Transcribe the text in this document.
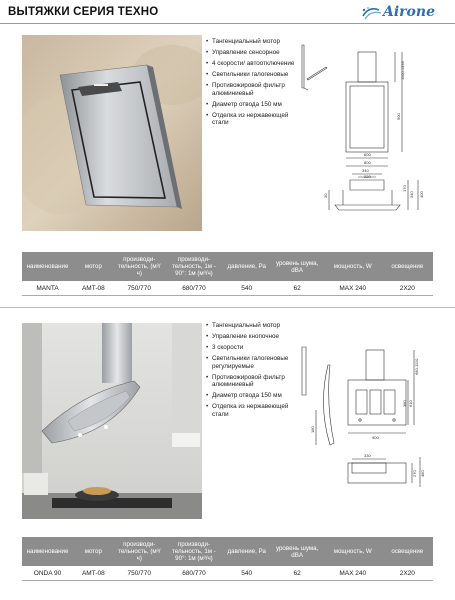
ВЫТЯЖКИ СЕРИЯ ТЕХНО	Airone
• Тангенциальный мотор
• Управление сенсорное
• 4 скорости/ автоотключение
• Светильники галогеновые
• Противожировой фильтр алюминиевый
• Диаметр отвода 150 мм
• Отделка из нержавеющей стали
1100-1336
900
600
800
340
220
30
170
340 400
наименование	мотор	производи-тельность, (м³/ч)	производи-тельность, 1м - 90°: 1м (м³/ч)	давление, Ра	уровень шума, dBA	мощность, W	освещение
MANTA	AMT-08	750/770	680/770	540	62	MAX 240	2X20
• Тангенциальный мотор
• Управление кнопочное
• 3 скорости
• Светильники галогеновые регулируемые
• Противожировой фильтр алюминиевый
• Диаметр отвода 150 мм
• Отделка из нержавеющей стали
680-1110
180
610
380
900
330
270 480
наименование	мотор	производи-тельность, (м³/ч)	производи-тельность, 1м - 90°: 1м (м³/ч)	давление, Ра	уровень шума, dBA	мощность, W	освещение
ONDA 90	AMT-08	750/770	680/770	540	62	MAX 240	2X20
